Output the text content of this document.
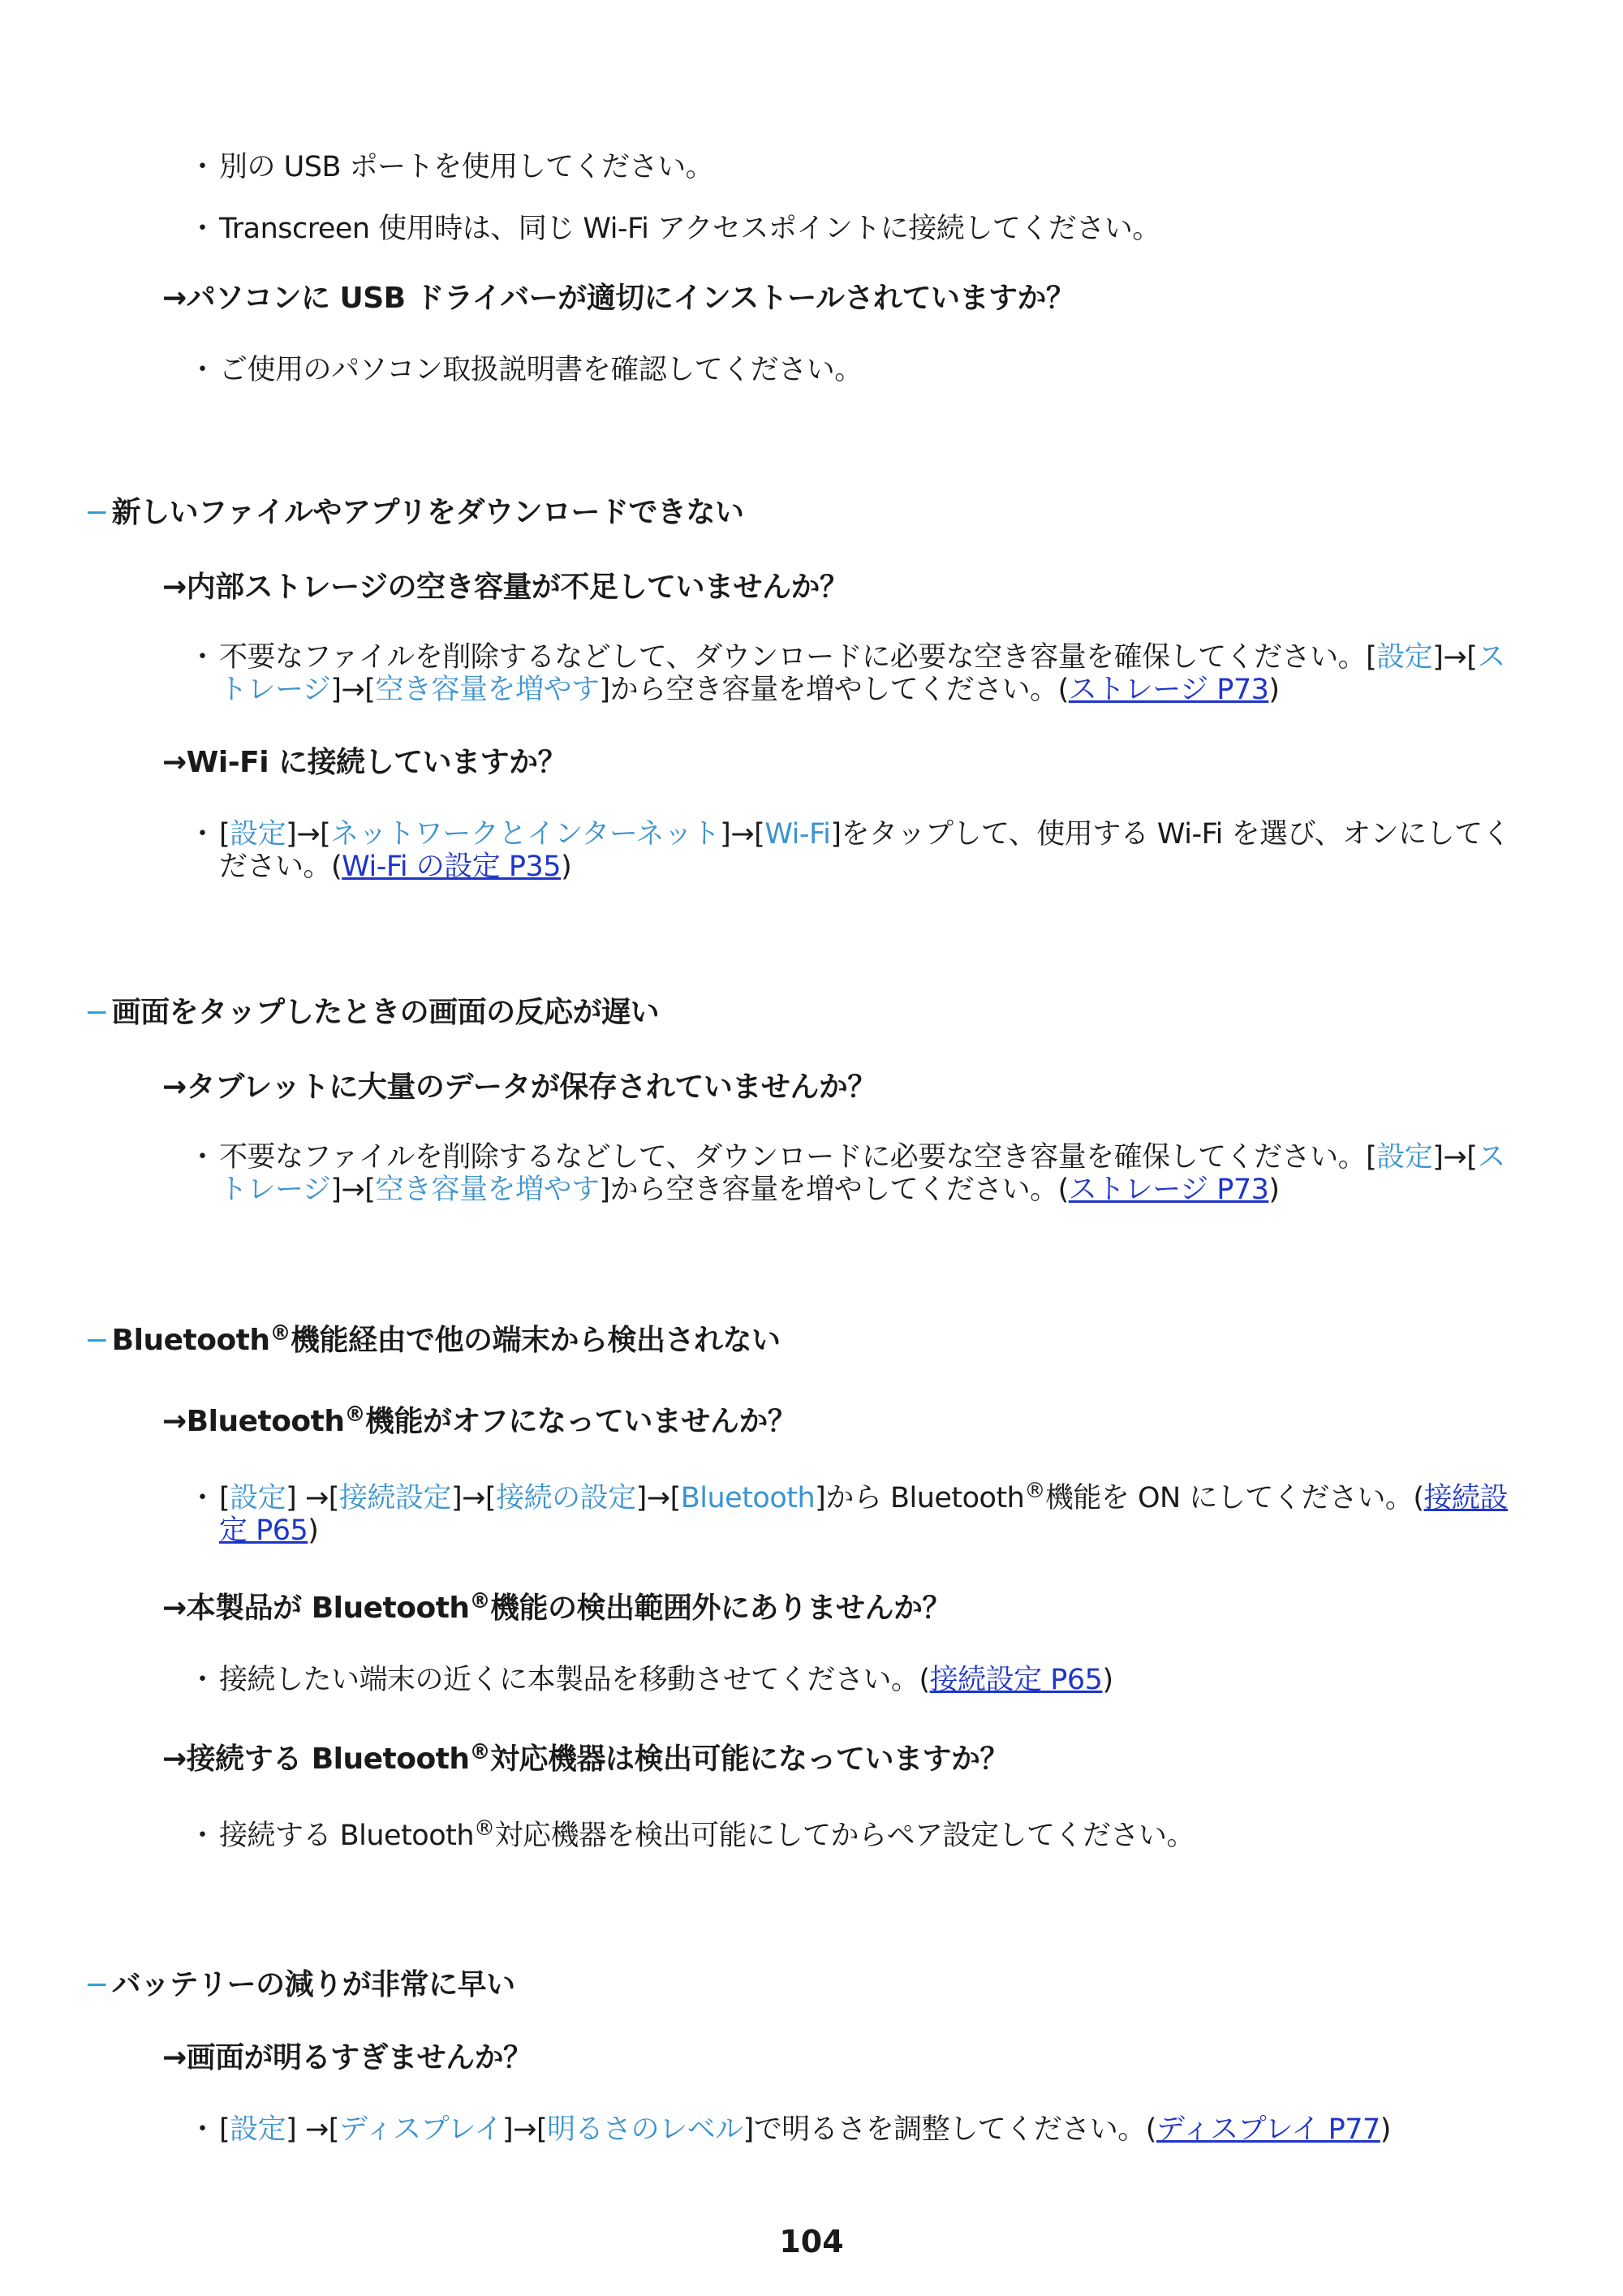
・ 別の USB ポートを使用してください。
・ Transcreen 使用時は、同じ Wi-Fi アクセスポイントに接続してください。
→パソコンに USB ドライバーが適切にインストールされていますか？
・ ご使用のパソコン取扱説明書を確認してください。
− 新しいファイルやアプリをダウンロードできない
→内部ストレージの空き容量が不足していませんか？
・ 不要なファイルを削除するなどして、ダウンロードに必要な空き容量を確保してください。[設定]→[ストレージ]→[空き容量を増やす]から空き容量を増やしてください。(ストレージ P73)
→Wi-Fi に接続していますか？
・ [設定]→[ネットワークとインターネット]→[Wi-Fi]をタップして、使用する Wi-Fi を選び、オンにしてください。(Wi-Fi の設定 P35)
− 画面をタップしたときの画面の反応が遅い
→タブレットに大量のデータが保存されていませんか？
・ 不要なファイルを削除するなどして、ダウンロードに必要な空き容量を確保してください。[設定]→[ストレージ]→[空き容量を増やす]から空き容量を増やしてください。(ストレージ P73)
− Bluetooth®機能経由で他の端末から検出されない
→Bluetooth®機能がオフになっていませんか？
・ [設定] →[接続設定]→[接続の設定]→[Bluetooth]から Bluetooth®機能を ON にしてください。(接続設定 P65)
→本製品が Bluetooth®機能の検出範囲外にありませんか？
・ 接続したい端末の近くに本製品を移動させてください。(接続設定 P65)
→接続する Bluetooth®対応機器は検出可能になっていますか？
・ 接続する Bluetooth®対応機器を検出可能にしてからペア設定してください。
− バッテリーの減りが非常に早い
→画面が明るすぎませんか？
・ [設定] →[ディスプレイ]→[明るさのレベル]で明るさを調整してください。(ディスプレイ P77)
104
